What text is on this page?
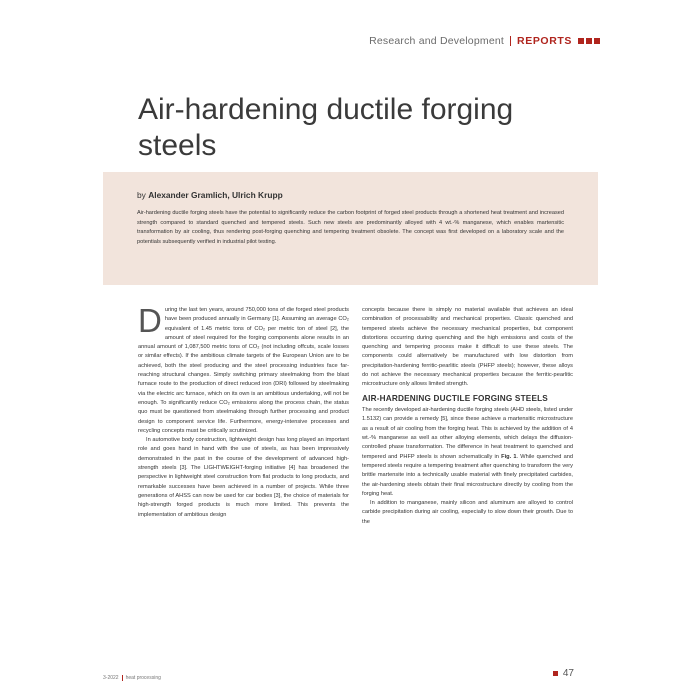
Research and Development REPORTS
Air-hardening ductile forging steels

by Alexander Gramlich, Ulrich Krupp

Air-hardening ductile forging steels have the potential to significantly reduce the carbon footprint of forged steel products through a shortened heat treatment and increased strength compared to standard quenched and tempered steels. Such new steels are predominantly alloyed with 4 wt.-% manganese, which enables martensitic transformation by air cooling, thus rendering post-forging quenching and tempering treatment obsolete. The concept was first developed on a laboratory scale and the potentials subsequently verified in industrial pilot testing.

During the last ten years, around 750,000 tons of die forged steel products have been produced annually in Germany [1]. Assuming an average CO₂ equivalent of 1.45 metric tons of CO₂ per metric ton of steel [2], the amount of steel required for the forging components alone results in an annual amount of 1,087,500 metric tons of CO₂ (not including offcuts, scale losses or similar effects). If the ambitious climate targets of the European Union are to be achieved, both the steel producing and the steel processing industries face far-reaching structural changes. Simply switching primary steelmaking from the blast furnace route to the production of direct reduced iron (DRI) followed by steelmaking via the electric arc furnace, which on its own is an ambitious undertaking, will not be enough. To significantly reduce CO₂ emissions along the process chain, the status quo must be questioned from steelmaking through further processing and product design to component service life. Furthermore, energy-intensive processes and recycling concepts must be critically scrutinized.

In automotive body construction, lightweight design has long played an important role and goes hand in hand with the use of steels, as has been impressively demonstrated in the past in the course of the development of advanced high-strength steels [3]. The LIGHTWEIGHT-forging initiative [4] has broadened the perspective in lightweight steel construction from flat products to long products, and remarkable successes have been achieved in a number of projects. While three generations of AHSS can now be used for car bodies [3], the choice of materials for high-strength forged products is much more limited. This prevents the implementation of ambitious design

concepts because there is simply no material available that achieves an ideal combination of processability and mechanical properties. Classic quenched and tempered steels achieve the necessary mechanical properties, but component distortions occurring during quenching and the high emissions and costs of the quenching and tempering process make it difficult to use these steels. The components could alternatively be manufactured with low distortion from precipitation-hardening ferritic-pearlitic steels (PHFP steels); however, these alloys do not achieve the necessary mechanical properties because the ferritic-pearlitic microstructure only allows limited strength.

AIR-HARDENING DUCTILE FORGING STEELS

The recently developed air-hardening ductile forging steels (AHD steels, listed under 1.5132) can provide a remedy [5], since these achieve a martensitic microstructure as a result of air cooling from the forging heat. This is achieved by the addition of 4 wt.-% manganese as well as other alloying elements, which delays the diffusion-controlled phase transformation. The difference in heat treatment to quenched and tempered and PHFP steels is shown schematically in Fig. 1. While quenched and tempered steels require a tempering treatment after quenching to transform the very brittle martensite into a technically usable material with finely precipitated carbides, the air-hardening steels obtain their final microstructure directly by cooling from the forging heat.

In addition to manganese, mainly silicon and aluminum are alloyed to control carbide precipitation during air cooling, especially to slow down their growth. Due to the

3-2022 heat processing	47
